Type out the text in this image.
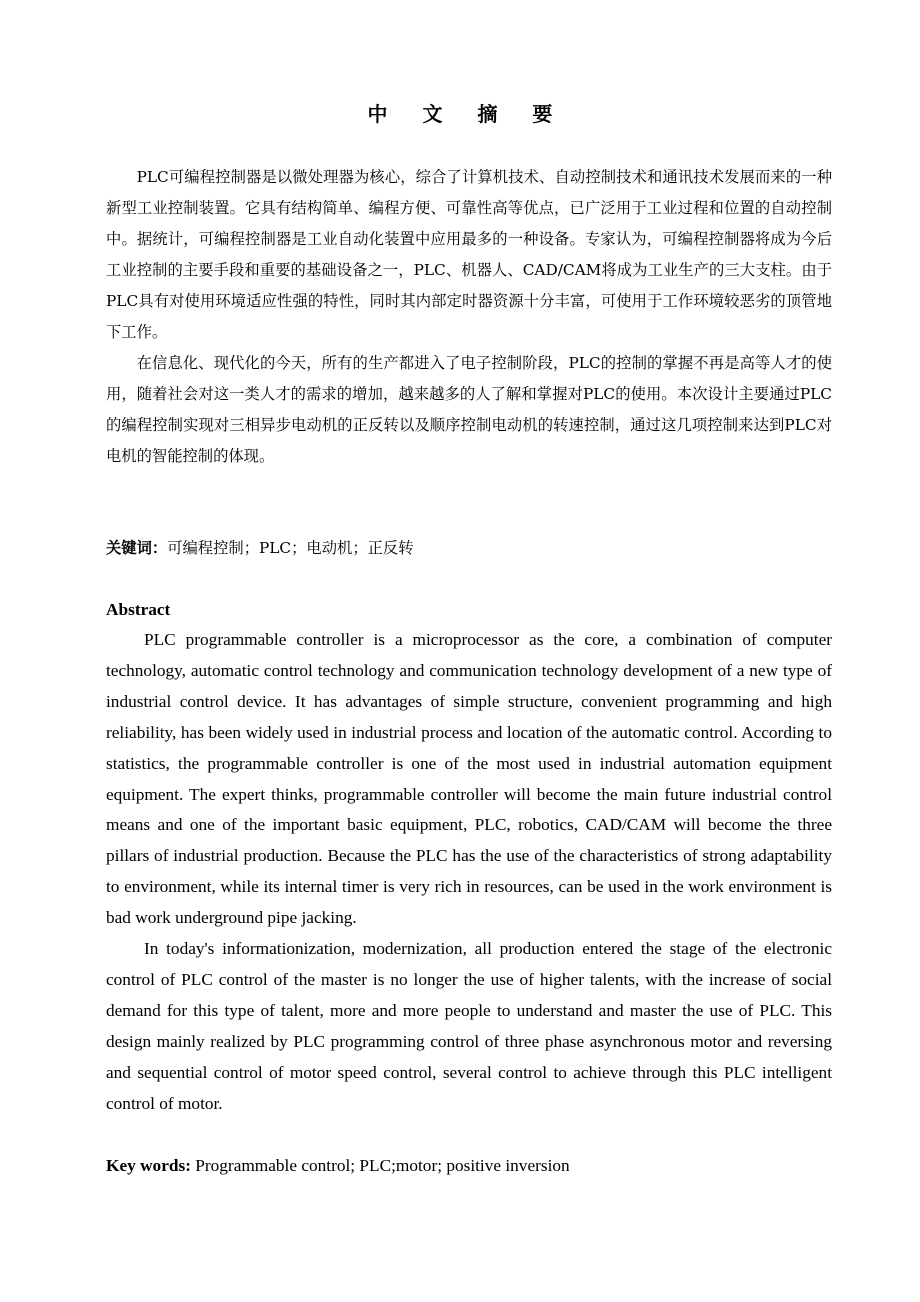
中 文 摘 要

PLC可编程控制器是以微处理器为核心，综合了计算机技术、自动控制技术和通讯技术发展而来的一种新型工业控制装置。它具有结构简单、编程方便、可靠性高等优点，已广泛用于工业过程和位置的自动控制中。据统计，可编程控制器是工业自动化装置中应用最多的一种设备。专家认为，可编程控制器将成为今后工业控制的主要手段和重要的基础设备之一，PLC、机器人、CAD/CAM将成为工业生产的三大支柱。由于PLC具有对使用环境适应性强的特性，同时其内部定时器资源十分丰富，可使用于工作环境较恶劣的顶管地下工作。

在信息化、现代化的今天，所有的生产都进入了电子控制阶段，PLC的控制的掌握不再是高等人才的使用，随着社会对这一类人才的需求的增加，越来越多的人了解和掌握对PLC的使用。本次设计主要通过PLC的编程控制实现对三相异步电动机的正反转以及顺序控制电动机的转速控制，通过这几项控制来达到PLC对电机的智能控制的体现。

关键词：可编程控制；PLC；电动机；正反转
Abstract

PLC programmable controller is a microprocessor as the core, a combination of computer technology, automatic control technology and communication technology development of a new type of industrial control device. It has advantages of simple structure, convenient programming and high reliability, has been widely used in industrial process and location of the automatic control. According to statistics, the programmable controller is one of the most used in industrial automation equipment equipment. The expert thinks, programmable controller will become the main future industrial control means and one of the important basic equipment, PLC, robotics, CAD/CAM will become the three pillars of industrial production. Because the PLC has the use of the characteristics of strong adaptability to environment, while its internal timer is very rich in resources, can be used in the work environment is bad work underground pipe jacking.

In today's informationization, modernization, all production entered the stage of the electronic control of PLC control of the master is no longer the use of higher talents, with the increase of social demand for this type of talent, more and more people to understand and master the use of PLC. This design mainly realized by PLC programming control of three phase asynchronous motor and reversing and sequential control of motor speed control, several control to achieve through this PLC intelligent control of motor.

Key words: Programmable control; PLC;motor; positive inversion
